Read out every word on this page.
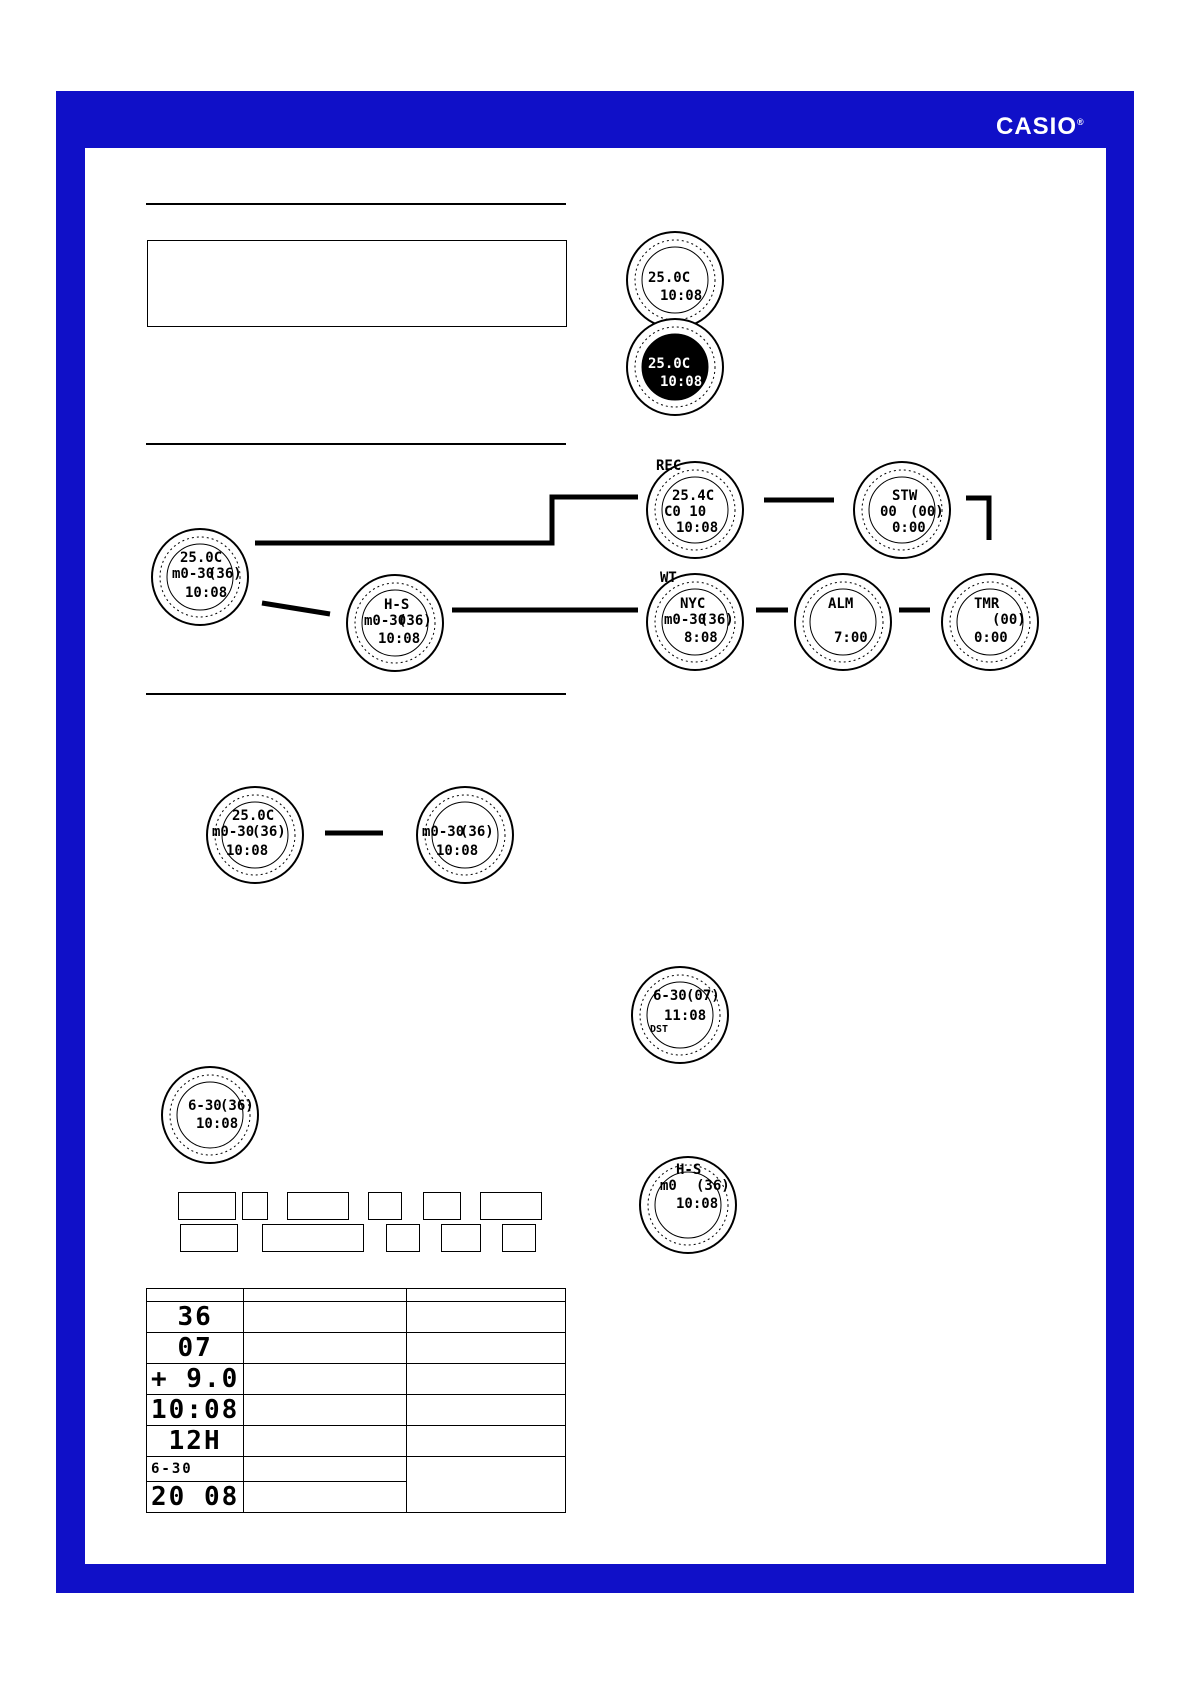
CASIO®
25.0C
10:08
25.0C
10:08
25.0C
m0-30
(36)
10:08
REC
25.4C
C0 10
10:08
STW
00 (00)
0:00
H-S
m0-30
(36)
10:08
WT
NYC
m0-30
(36)
8:08
ALM
7:00
TMR
(00)
0:00
25.0C
m0-30
(36)
10:08
m0-30
(36)
10:08
6-30
(36)
10:08
6-30 (07)
11:08
DST
H-S
m0 (36)
10:08

36		
07		
+ 9.0		
10:08		
12H		
6-30		
20 08		
